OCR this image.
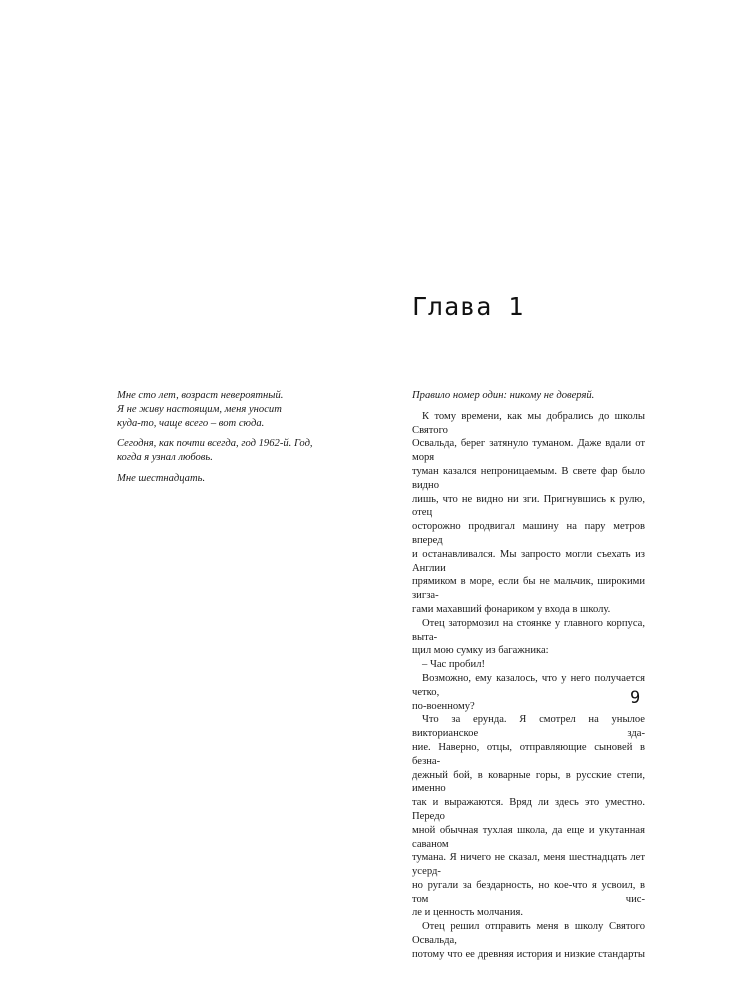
Глава 1

Мне сто лет, возраст невероятный.
Я не живу настоящим, меня уносит
куда-то, чаще всего – вот сюда.

Сегодня, как почти всегда, год 1962-й. Год,
когда я узнал любовь.

Мне шестнадцать.

Правило номер один: никому не доверяй.

К тому времени, как мы добрались до школы Святого
Освальда, берег затянуло туманом. Даже вдали от моря
туман казался непроницаемым. В свете фар было видно
лишь, что не видно ни зги. Пригнувшись к рулю, отец
осторожно продвигал машину на пару метров вперед
и останавливался. Мы запросто могли съехать из Англии
прямиком в море, если бы не мальчик, широкими зигза-
гами махавший фонариком у входа в школу.

Отец затормозил на стоянке у главного корпуса, выта-
щил мою сумку из багажника:

– Час пробил!

Возможно, ему казалось, что у него получается четко,
по-военному?

Что за ерунда. Я смотрел на унылое викторианское зда-
ние. Наверно, отцы, отправляющие сыновей в безна-
дежный бой, в коварные горы, в русские степи, именно
так и выражаются. Вряд ли здесь это уместно. Передо
мной обычная тухлая школа, да еще и укутанная саваном
тумана. Я ничего не сказал, меня шестнадцать лет усерд-
но ругали за бездарность, но кое-что я усвоил, в том чис-
ле и ценность молчания.

Отец решил отправить меня в школу Святого Освальда,
потому что ее древняя история и низкие стандарты

9
